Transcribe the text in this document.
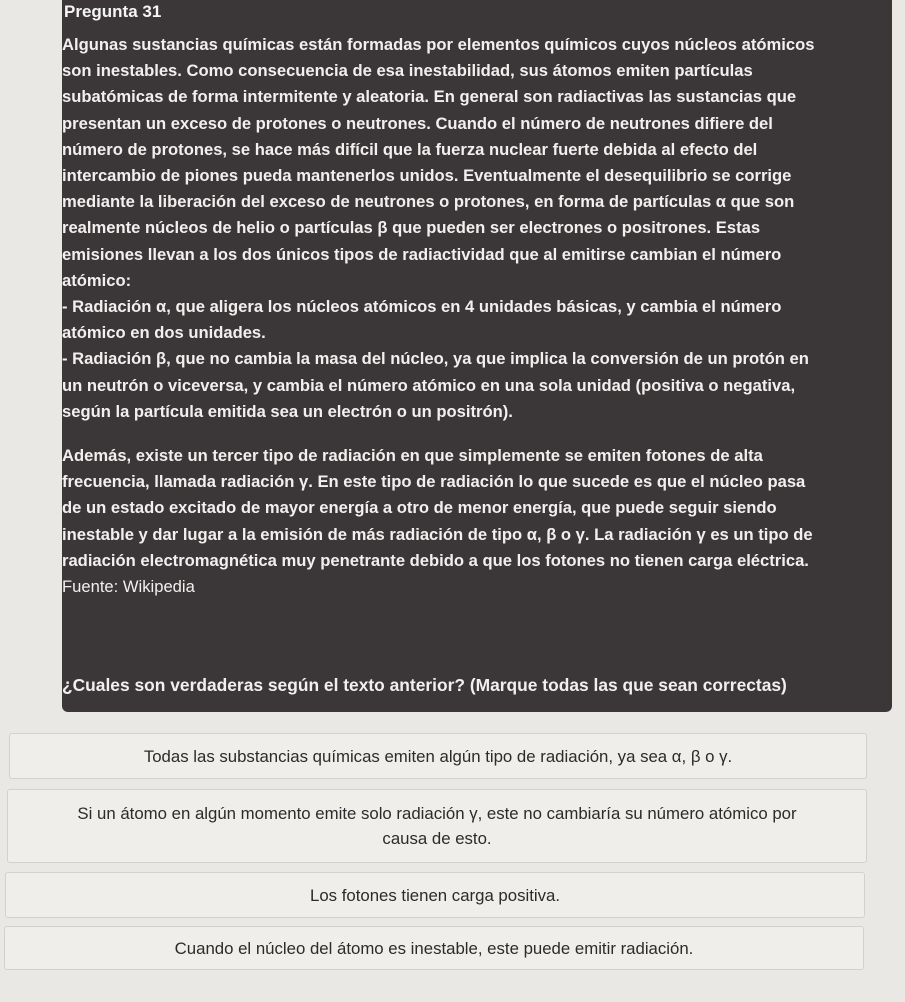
Pregunta 31
Algunas sustancias químicas están formadas por elementos químicos cuyos núcleos atómicos
son inestables. Como consecuencia de esa inestabilidad, sus átomos emiten partículas
subatómicas de forma intermitente y aleatoria. En general son radiactivas las sustancias que
presentan un exceso de protones o neutrones. Cuando el número de neutrones difiere del
número de protones, se hace más difícil que la fuerza nuclear fuerte debida al efecto del
intercambio de piones pueda mantenerlos unidos. Eventualmente el desequilibrio se corrige
mediante la liberación del exceso de neutrones o protones, en forma de partículas α que son
realmente núcleos de helio o partículas β que pueden ser electrones o positrones. Estas
emisiones llevan a los dos únicos tipos de radiactividad que al emitirse cambian el número
atómico:
- Radiación α, que aligera los núcleos atómicos en 4 unidades básicas, y cambia el número
atómico en dos unidades.
- Radiación β, que no cambia la masa del núcleo, ya que implica la conversión de un protón en
un neutrón o viceversa, y cambia el número atómico en una sola unidad (positiva o negativa,
según la partícula emitida sea un electrón o un positrón).
Además, existe un tercer tipo de radiación en que simplemente se emiten fotones de alta
frecuencia, llamada radiación γ. En este tipo de radiación lo que sucede es que el núcleo pasa
de un estado excitado de mayor energía a otro de menor energía, que puede seguir siendo
inestable y dar lugar a la emisión de más radiación de tipo α, β o γ. La radiación γ es un tipo de
radiación electromagnética muy penetrante debido a que los fotones no tienen carga eléctrica.
Fuente: Wikipedia
¿Cuales son verdaderas según el texto anterior? (Marque todas las que sean correctas)
Todas las substancias químicas emiten algún tipo de radiación, ya sea α, β o γ.
Si un átomo en algún momento emite solo radiación γ, este no cambiaría su número atómico por
causa de esto.
Los fotones tienen carga positiva.
Cuando el núcleo del átomo es inestable, este puede emitir radiación.
